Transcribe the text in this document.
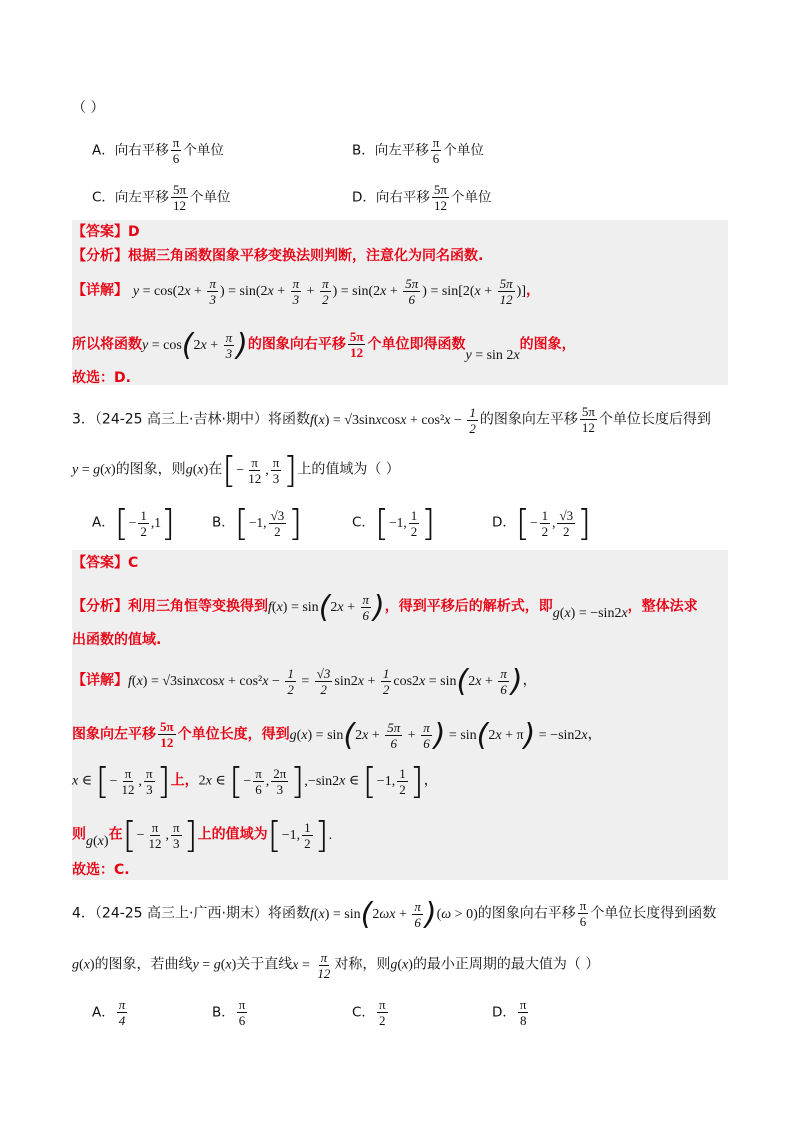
（ ）
A．向右平移 $\frac{\pi}{6}$ 个单位	B．向左平移 $\frac{\pi}{6}$ 个单位
C．向左平移 $\frac{5\pi}{12}$ 个单位	D．向右平移 $\frac{5\pi}{12}$ 个单位
【答案】D
【分析】根据三角函数图象平移变换法则判断，注意化为同名函数.
【详解】 $y = \cos(2x + \frac{\pi}{3}$ ) = $\sin(2x + \frac{\pi}{3} + \frac{\pi}{2}$ ) = $\sin(2x + \frac{5\pi}{6}$ ) = $\sin[2(x + \frac{5\pi}{12}$ )]，
所以将函数$y = \cos(2x + \frac{\pi}{3}$ )的图象向右平移 $\frac{5\pi}{12}$ 个单位即得函数y = sin 2x的图象，
故选：D.
3．（24-25 高三上·吉林·期中）将函数f(x) = √3sinxcosx + $\cos^2x - \frac{1}{2}$ 的图象向左平移 $\frac{5\pi}{12}$ 个单位长度后得到
y = g(x)的图象，则g(x)在[− $\frac{\pi}{12}$ , $\frac{\pi}{3}$ ]上的值域为（ ）
A．[− $\frac{1}{2} ,1$]	B．[−1, $\frac{√3}{2}$ ]	C．[−1, $\frac{1}{2}$ ]	D．[− $\frac{1}{2}$ , $\frac{√3}{2}$ ]
【答案】C
【分析】利用三角恒等变换得到$f(x) = \sin(2x + \frac{\pi}{6}$ )，得到平移后的解析式，即g(x) = −sin2x，整体法求
出函数的值域.
【详解】f(x) = √3sinxcosx + $\cos^2x - \frac{1}{2} = \frac{√3}{2} \sin 2x + \frac{1}{2} \cos 2x = \sin(2x + \frac{\pi}{6}$ )，
图象向左平移 $\frac{5\pi}{12}$ 个单位长度，得到$g(x) = \sin(2x + \frac{5\pi}{6} + \frac{\pi}{6}$ ) = sin(2x + π) = −sin2x，
x ∈ [− $\frac{\pi}{12}$ , $\frac{\pi}{3}$ ]上，2x ∈ [− $\frac{\pi}{6}$ , $\frac{2\pi}{3} ],-\sin 2x$ ∈ [−1, $\frac{1}{2}$ ]，
则g(x)在[− $\frac{\pi}{12}$ , $\frac{\pi}{3}$ ]上的值域为[−1, $\frac{1}{2}$ ].
故选：C.
4．（24-25 高三上·广西·期末）将函数$f(x) = \sin(2\omega x + \frac{\pi}{6} )(\omega > 0)$的图象向右平移 $\frac{\pi}{6}$ 个单位长度得到函数
g(x)的图象，若曲线y = g(x)关于直线$x = \frac{\pi}{12}$ 对称，则g(x)的最小正周期的最大值为（ ）
A． $\frac{\pi}{4}$	B． $\frac{\pi}{6}$	C． $\frac{\pi}{2}$	D． $\frac{\pi}{8}$
